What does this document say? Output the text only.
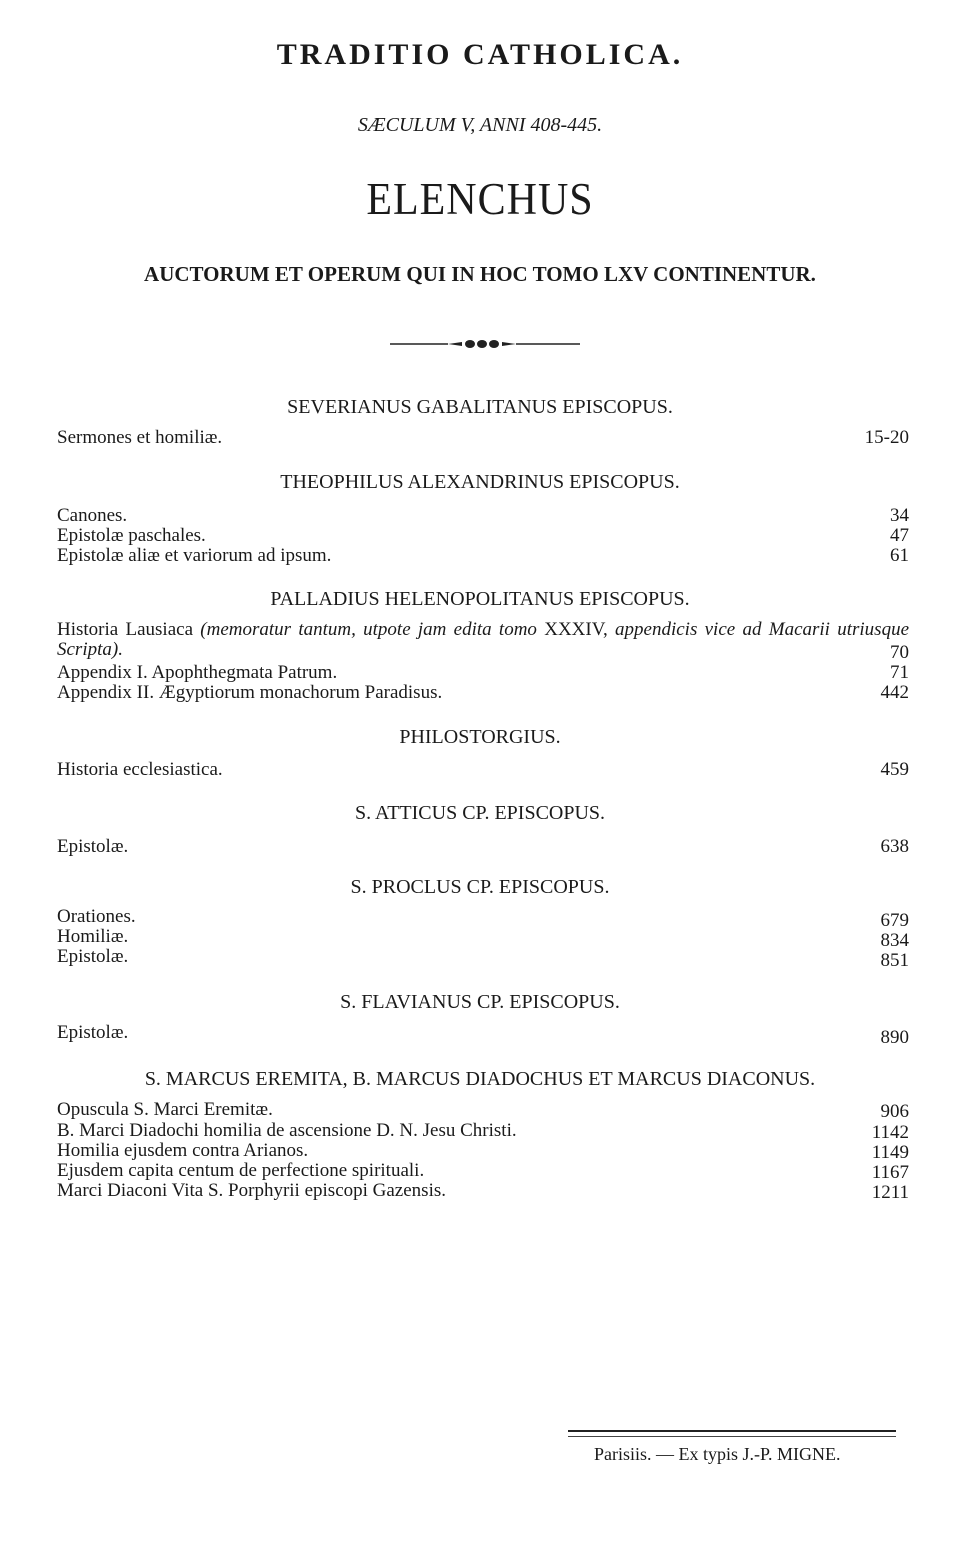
TRADITIO CATHOLICA.
SÆCULUM V, ANNI 408-445.
ELENCHUS
AUCTORUM ET OPERUM QUI IN HOC TOMO LXV CONTINENTUR.
SEVERIANUS GABALITANUS EPISCOPUS.
Sermones et homiliæ.	15-20
THEOPHILUS ALEXANDRINUS EPISCOPUS.
Canones.	34
Epistolæ paschales.	47
Epistolæ aliæ et variorum ad ipsum.	61
PALLADIUS HELENOPOLITANUS EPISCOPUS.
Historia Lausiaca (memoratur tantum, utpote jam edita tomo XXXIV, appendicis vice ad Macarii utriusque Scripta).	70
Appendix I. Apophthegmata Patrum.	71
Appendix II. Ægyptiorum monachorum Paradisus.	442
PHILOSTORGIUS.
Historia ecclesiastica.	459
S. ATTICUS CP. EPISCOPUS.
Epistolæ.	638
S. PROCLUS CP. EPISCOPUS.
Orationes.	679
Homiliæ.	834
Epistolæ.	851
S. FLAVIANUS CP. EPISCOPUS.
Epistolæ.	890
S. MARCUS EREMITA, B. MARCUS DIADOCHUS ET MARCUS DIACONUS.
Opuscula S. Marci Eremitæ.	906
B. Marci Diadochi homilia de ascensione D. N. Jesu Christi.	1142
Homilia ejusdem contra Arianos.	1149
Ejusdem capita centum de perfectione spirituali.	1167
Marci Diaconi Vita S. Porphyrii episcopi Gazensis.	1211
Parisiis. — Ex typis J.-P. MIGNE.
